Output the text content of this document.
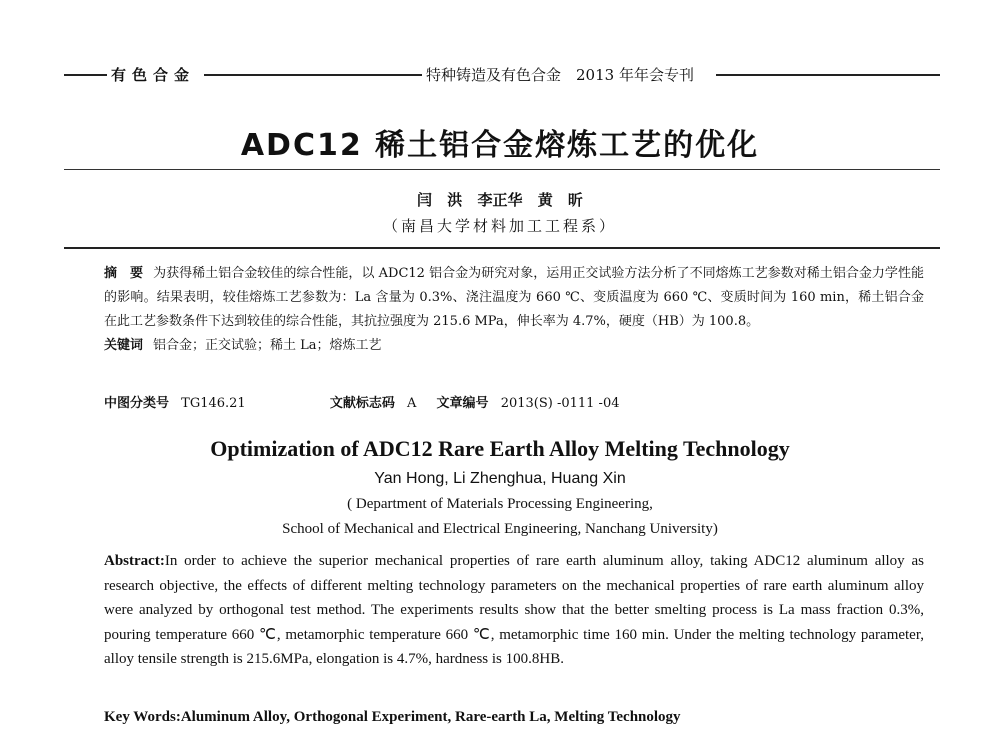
有色合金	特种铸造及有色合金　2013 年年会专刊
ADC12 稀土铝合金熔炼工艺的优化
闫 洪 李正华 黄 昕
（南昌大学材料加工工程系）

摘　要 为获得稀土铝合金较佳的综合性能，以 ADC12 铝合金为研究对象，运用正交试验方法分析了不同熔炼工艺参数对稀土铝合金力学性能的影响。结果表明，较佳熔炼工艺参数为：La 含量为 0.3%、浇注温度为 660 ℃、变质温度为 660 ℃、变质时间为 160 min，稀土铝合金在此工艺参数条件下达到较佳的综合性能，其抗拉强度为 215.6 MPa，伸长率为 4.7%，硬度（HB）为 100.8。

关键词 铝合金；正交试验；稀土 La；熔炼工艺

中图分类号 TG146.21	文献标志码 A 文章编号 2013(S) -0111 -04
Optimization of ADC12 Rare Earth Alloy Melting Technology
Yan Hong, Li Zhenghua, Huang Xin
( Department of Materials Processing Engineering,
School of Mechanical and Electrical Engineering, Nanchang University)

Abstract:In order to achieve the superior mechanical properties of rare earth aluminum alloy, taking ADC12 aluminum alloy as research objective, the effects of different melting technology parameters on the mechanical properties of rare earth aluminum alloy were analyzed by orthogonal test method. The experiments results show that the better smelting process is La mass fraction 0.3%, pouring temperature 660 ℃, metamorphic temperature 660 ℃, metamorphic time 160 min. Under the melting technology parameter, alloy tensile strength is 215.6MPa, elongation is 4.7%, hardness is 100.8HB.

Key Words:Aluminum Alloy, Orthogonal Experiment, Rare-earth La, Melting Technology
